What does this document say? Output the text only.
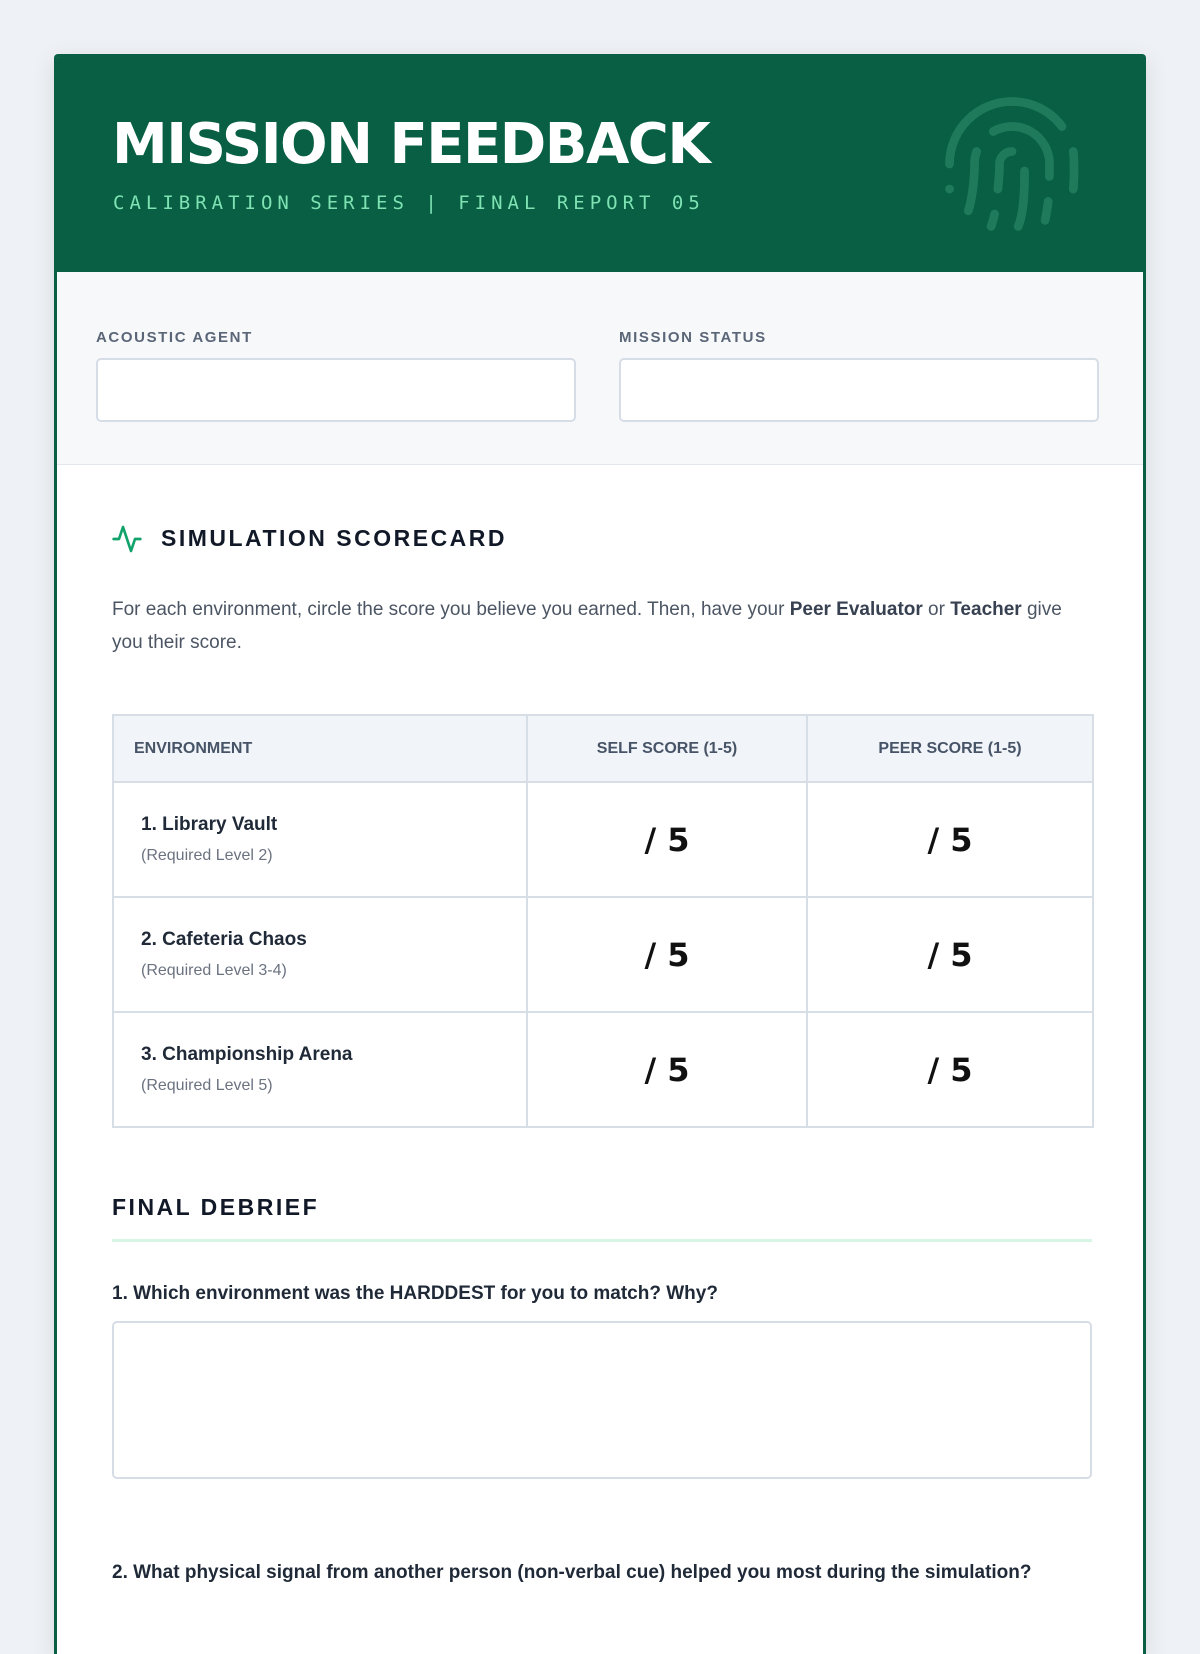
MISSION FEEDBACK
CALIBRATION SERIES | FINAL REPORT 05
ACOUSTIC AGENT	MISSION STATUS
SIMULATION SCORECARD
For each environment, circle the score you believe you earned. Then, have your Peer Evaluator or Teacher give you their score.
ENVIRONMENT	SELF SCORE (1-5)	PEER SCORE (1-5)

1. Library Vault
(Required Level 2)	/ 5	/ 5

2. Cafeteria Chaos
(Required Level 3-4)	/ 5	/ 5

3. Championship Arena
(Required Level 5)	/ 5	/ 5
FINAL DEBRIEF
1. Which environment was the HARDDEST for you to match? Why?
2. What physical signal from another person (non-verbal cue) helped you most during the simulation?
